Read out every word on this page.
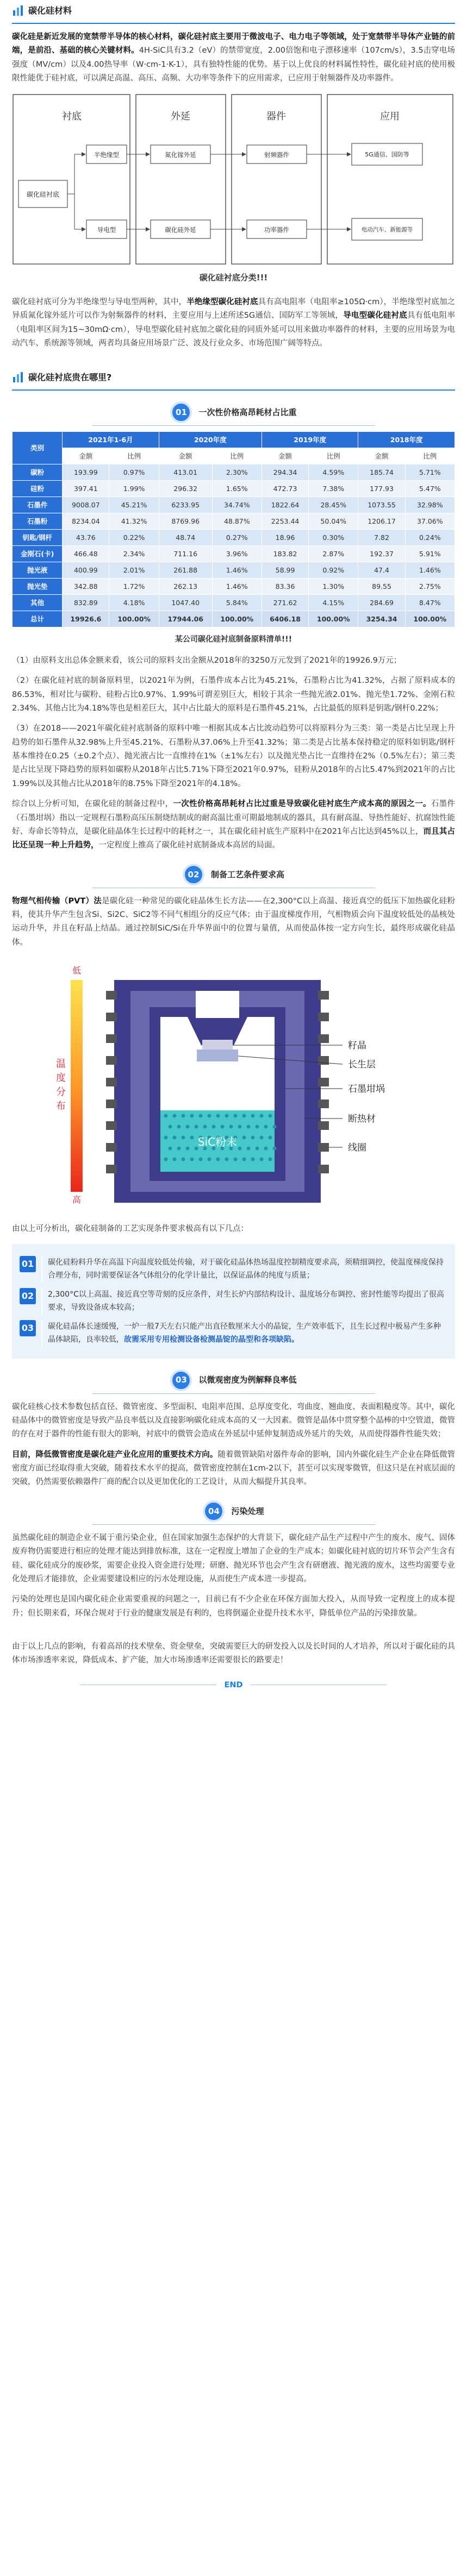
碳化硅材料

碳化硅是新近发展的宽禁带半导体的核心材料，碳化硅衬底主要用于微波电子、电力电子等领域，处于宽禁带半导体产业链的前端，是前沿、基础的核心关键材料。4H-SiC具有3.2（eV）的禁带宽度，2.00倍饱和电子漂移速率（107cm/s），3.5击穿电场强度（MV/cm）以及4.00热导率（W·cm-1·K-1），具有独特性能的优势。基于以上优良的材料属性特性，碳化硅衬底的使用极限性能优于硅衬底，可以满足高温、高压、高频、大功率等条件下的应用需求，已应用于射频器件及功率器件。

衬底	外延	器件	应用
碳化硅衬底
半绝缘型
导电型
氮化镓外延
碳化硅外延
射频器件
功率器件
5G通信、国防等
电动汽车、新能源等
碳化硅衬底分类!!!

碳化硅衬底可分为半绝缘型与导电型两种，其中，半绝缘型碳化硅衬底具有高电阻率（电阻率≥105Ω·cm），半绝缘型衬底加之异质氮化镓外延片可以作为射频器件的材料，主要应用与上述所述5G通信、国防军工等领域，导电型碳化硅衬底具有低电阻率（电阻率区间为15~30mΩ·cm），导电型碳化硅衬底加之碳化硅的同质外延可以用来做功率器件的材料，主要的应用场景为电动汽车、系统源等领域，两者均具备应用场景广泛、波及行业众多、市场范围广阔等特点。

碳化硅衬底贵在哪里?
01	一次性价格高昂耗材占比重
类别	2021年1-6月		2020年度		2019年度		2018年度	
	金额	比例	金额	比例	金额	比例	金额	比例
碳粉	193.99	0.97%	413.01	2.30%	294.34	4.59%	185.74	5.71%
硅粉	397.41	1.99%	296.32	1.65%	472.73	7.38%	177.93	5.47%
石墨件	9008.07	45.21%	6233.95	34.74%	1822.64	28.45%	1073.55	32.98%
石墨粉	8234.04	41.32%	8769.96	48.87%	2253.44	50.04%	1206.17	37.06%
钥匙/钢杆	43.76	0.22%	48.74	0.27%	18.96	0.30%	7.82	0.24%
金刚石(卡)	466.48	2.34%	711.16	3.96%	183.82	2.87%	192.37	5.91%
抛光液	400.99	2.01%	261.88	1.46%	58.99	0.92%	47.4	1.46%
抛光垫	342.88	1.72%	262.13	1.46%	83.36	1.30%	89.55	2.75%
其他	832.89	4.18%	1047.40	5.84%	271.62	4.15%	284.69	8.47%
总计	19926.6	100.00%	17944.06	100.00%	6406.18	100.00%	3254.34	100.00%
某公司碳化硅衬底制备原料清单!!!

（1）由原料支出总体金额来看，该公司的原料支出金额从2018年的3250万元发到了2021年的19926.9万元；

（2）在碳化硅衬底的制备原料里，以2021年为例，石墨件成本占比为45.21%，石墨粉占比为41.32%，占据了原料成本的86.53%，相对比与碳粉、硅粉占比0.97%、1.99%可谓差别巨大，相较于其余一些抛光液2.01%、抛光垫1.72%、金刚石粒2.34%、其他占比为4.18%等也是相差巨大，其中占比最大的原料是石墨件45.21%，占比最低的原料是钥匙/钢杆0.22%；

（3）在2018——2021年碳化硅衬底制备的原料中唯一相据其成本占比波动趋势可以将原料分为三类：第一类是占比呈现上升趋势的如石墨件从32.98%上升至45.21%、石墨粉从37.06%上升至41.32%；第二类是占比基本保持稳定的原料如钥匙/钢杆基本维持在0.25（±0.2个点）、抛光液占比一直维持在1%（±1%左右）以及抛光垫占比一直维持在2%（0.5%左右）；第三类是占比呈现下降趋势的原料如碳粉从2018年占比5.71%下降至2021年0.97%，硅粉从2018年的占比5.47%到2021年的占比1.99%以及其他占比从2018年的8.75%下降至2021年的4.18%。

综合以上分析可知，在碳化硅的制备过程中，一次性价格高昂耗材占比过重是导致碳化硅衬底生产成本高的原因之一。石墨件（石墨坩埚）指以一定规程石墨粉高压压制烧结制成的耐高温比重可期最地制成的器具，具有耐高温、导热性能好、抗腐蚀性能好、寿命长等特点，是碳化硅晶体生长过程中的耗材之一，其在碳化硅衬底生产原料中在2021年占比达到45%以上，而且其占比还呈现一种上升趋势，一定程度上推高了碳化硅衬底制备成本高居的局面。

02	制备工艺条件要求高

物理气相传输（PVT）法是碳化硅一种常见的碳化硅晶体生长方法——在2,300°C以上高温、接近真空的低压下加热碳化硅粉料，使其升华产生包含Si、Si2C、SiC2等不同气相组分的反应气体；由于温度梯度作用，气相物质会向下温度较低处的晶核处运动升华，并且在籽晶上结晶。通过控制SiC/Si在升华界面中的位置与量值，从而使晶体按一定方向生长，最终形成碳化硅晶体。

低
高
温
度
分
布
SiC粉末
籽晶
长生层
石墨坩埚
断热材
线圈

由以上可分析出，碳化硅制备的工艺实现条件要求极高有以下几点：

01	碳化硅粉料升华在高温下向温度较低处传输，对于碳化硅晶体热场温度控制精度要求高，须精细调控，使温度梯度保持合理分布，同时需要保证各气体组分的化学计量比，以保证晶体的纯度与质量；
02	2,300°C以上高温、接近真空等苛刻的反应条件，对生长炉内部结构设计、温度场分布调控、密封性能等均提出了很高要求，导致设备成本较高；
03	碳化硅晶体长速缓慢，一炉一般7天左右只能产出直径数厘米大小的晶锭，生产效率低下，且生长过程中极易产生多种晶体缺陷，良率较低，故需采用专用检测设备检测晶锭的晶型和各项缺陷。
03	以微观密度为例解释良率低

碳化硅核心技术参数包括直径、微管密度、多型面积、电阻率范围、总厚度变化、弯曲度、翘曲度、表面粗糙度等。其中，碳化硅晶体中的微管密度是导致产品良率低以及直接影响碳化硅成本高的又一大因素。微管是晶体中贯穿整个晶棒的中空管道，微管的存在对于器件的性能有很大的影响，衬底中的微管会造成在外延层中延伸复制造成外延片的失效，从而使得器件性能失效；

目前，降低微管密度是碳化硅产业化应用的重要技术方向。随着微管缺陷对器件寿命的影响，国内外碳化硅生产企业在降低微管密度方面已经取得重大突破，随着技术水平的提高，微管密度控制在1cm-2以下，甚至可以实现零微管，但这只是在衬底层面的突破，仍然需要依赖器件厂商的配合以及更加优化的工艺设计，从而大幅提升其良率。

04	污染处理

虽然碳化硅的制造企业不属于重污染企业，但在国家加强生态保护的大背景下，碳化硅产品生产过程中产生的废水、废气、固体废弃物仍需要进行相应的处理才能达到排放标准，这在一定程度上增加了企业的生产成本；如碳化硅衬底的切片环节会产生含有硅、碳化硅成分的废砂浆，需要企业投入资金进行处理；研磨、抛光环节也会产生含有研磨液、抛光液的废水，这些均需要专业化处理后才能排放，企业需要建设相应的污水处理设施，从而使生产成本进一步提高。

污染的处理也是国内碳化硅企业需要重视的问题之一，目前已有不少企业在环保方面加大投入，从而导致一定程度上的成本提升；但长期来看，环保合规对于行业的健康发展是有利的，也将倒逼企业提升技术水平，降低单位产品的污染排放量。

由于以上几点的影响，有着高昂的技术壁垒、资金壁垒，突破需要巨大的研发投入以及长时间的人才培养，所以对于碳化硅的具体市场渗透率来说，降低成本、扩产能，加大市场渗透率还需要很长的路要走！

END
